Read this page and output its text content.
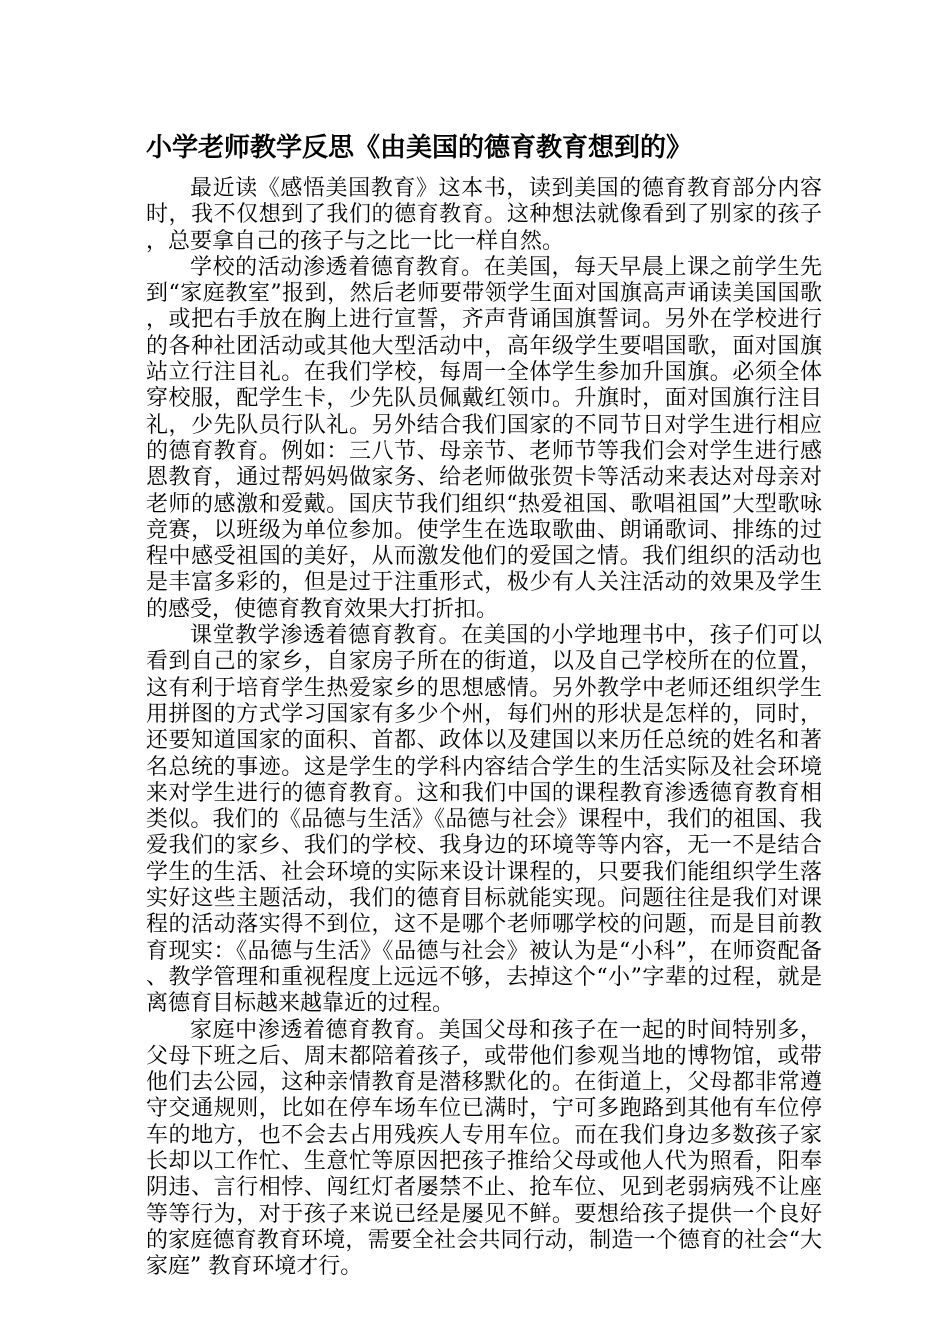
小学老师教学反思《由美国的德育教育想到的》

最近读《感悟美国教育》这本书，读到美国的德育教育部分内容时，我不仅想到了我们的德育教育。这种想法就像看到了别家的孩子，总要拿自己的孩子与之比一比一样自然。

学校的活动渗透着德育教育。在美国，每天早晨上课之前学生先到“家庭教室”报到，然后老师要带领学生面对国旗高声诵读美国国歌，或把右手放在胸上进行宣誓，齐声背诵国旗誓词。另外在学校进行的各种社团活动或其他大型活动中，高年级学生要唱国歌，面对国旗站立行注目礼。在我们学校，每周一全体学生参加升国旗。必须全体穿校服，配学生卡，少先队员佩戴红领巾。升旗时，面对国旗行注目礼，少先队员行队礼。另外结合我们国家的不同节日对学生进行相应的德育教育。例如：三八节、母亲节、老师节等我们会对学生进行感恩教育，通过帮妈妈做家务、给老师做张贺卡等活动来表达对母亲对老师的感激和爱戴。国庆节我们组织“热爱祖国、歌唱祖国”大型歌咏竞赛，以班级为单位参加。使学生在选取歌曲、朗诵歌词、排练的过程中感受祖国的美好，从而激发他们的爱国之情。我们组织的活动也是丰富多彩的，但是过于注重形式，极少有人关注活动的效果及学生的感受，使德育教育效果大打折扣。

课堂教学渗透着德育教育。在美国的小学地理书中，孩子们可以看到自己的家乡，自家房子所在的街道，以及自己学校所在的位置，这有利于培育学生热爱家乡的思想感情。另外教学中老师还组织学生用拼图的方式学习国家有多少个州，每们州的形状是怎样的，同时，还要知道国家的面积、首都、政体以及建国以来历任总统的姓名和著名总统的事迹。这是学生的学科内容结合学生的生活实际及社会环境来对学生进行的德育教育。这和我们中国的课程教育渗透德育教育相类似。我们的《品德与生活》《品德与社会》课程中，我们的祖国、我爱我们的家乡、我们的学校、我身边的环境等等内容，无一不是结合学生的生活、社会环境的实际来设计课程的，只要我们能组织学生落实好这些主题活动，我们的德育目标就能实现。问题往往是我们对课程的活动落实得不到位，这不是哪个老师哪学校的问题，而是目前教育现实：《品德与生活》《品德与社会》被认为是“小科”，在师资配备、教学管理和重视程度上远远不够，去掉这个“小”字辈的过程，就是离德育目标越来越靠近的过程。

家庭中渗透着德育教育。美国父母和孩子在一起的时间特别多，父母下班之后、周末都陪着孩子，或带他们参观当地的博物馆，或带他们去公园，这种亲情教育是潜移默化的。在街道上，父母都非常遵守交通规则，比如在停车场车位已满时，宁可多跑路到其他有车位停车的地方，也不会去占用残疾人专用车位。而在我们身边多数孩子家长却以工作忙、生意忙等原因把孩子推给父母或他人代为照看，阳奉阴违、言行相悖、闯红灯者屡禁不止、抢车位、见到老弱病残不让座等等行为，对于孩子来说已经是屡见不鲜。要想给孩子提供一个良好的家庭德育教育环境，需要全社会共同行动，制造一个德育的社会“大家庭” 教育环境才行。
